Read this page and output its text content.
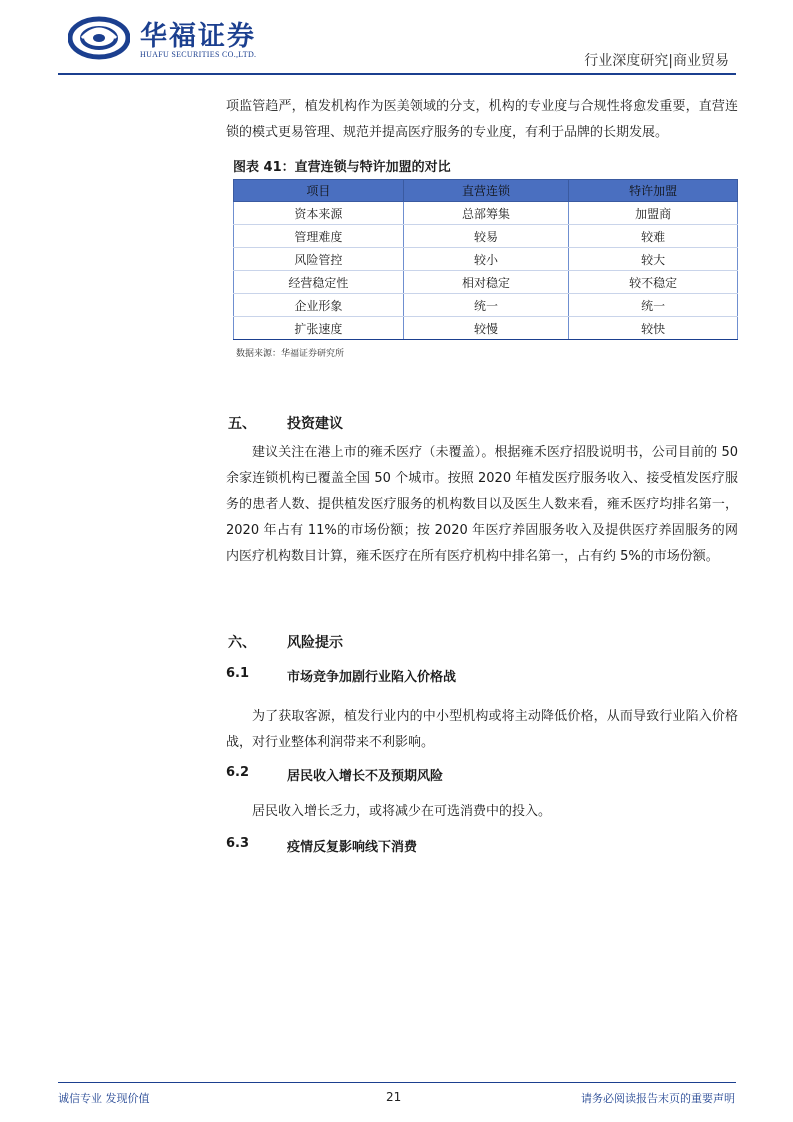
华福证券
HUAFU SECURITIES CO.,LTD.	行业深度研究|商业贸易

项监管趋严，植发机构作为医美领域的分支，机构的专业度与合规性将愈发重要，直营连锁的模式更易管理、规范并提高医疗服务的专业度，有利于品牌的长期发展。

图表 41：直营连锁与特许加盟的对比
项目	直营连锁	特许加盟
资本来源	总部筹集	加盟商
管理难度	较易	较难
风险管控	较小	较大
经营稳定性	相对稳定	较不稳定
企业形象	统一	统一
扩张速度	较慢	较快
数据来源：华福证券研究所
五、 投资建议

建议关注在港上市的雍禾医疗（未覆盖）。根据雍禾医疗招股说明书，公司目前的 50 余家连锁机构已覆盖全国 50 个城市。按照 2020 年植发医疗服务收入、接受植发医疗服务的患者人数、提供植发医疗服务的机构数目以及医生人数来看，雍禾医疗均排名第一，2020 年占有 11%的市场份额；按 2020 年医疗养固服务收入及提供医疗养固服务的网内医疗机构数目计算，雍禾医疗在所有医疗机构中排名第一，占有约 5%的市场份额。

六、 风险提示
6.1	市场竞争加剧行业陷入价格战

为了获取客源，植发行业内的中小型机构或将主动降低价格，从而导致行业陷入价格战，对行业整体利润带来不利影响。

6.2	居民收入增长不及预期风险

居民收入增长乏力，或将减少在可选消费中的投入。

6.3	疫情反复影响线下消费
诚信专业 发现价值	21	请务必阅读报告末页的重要声明
